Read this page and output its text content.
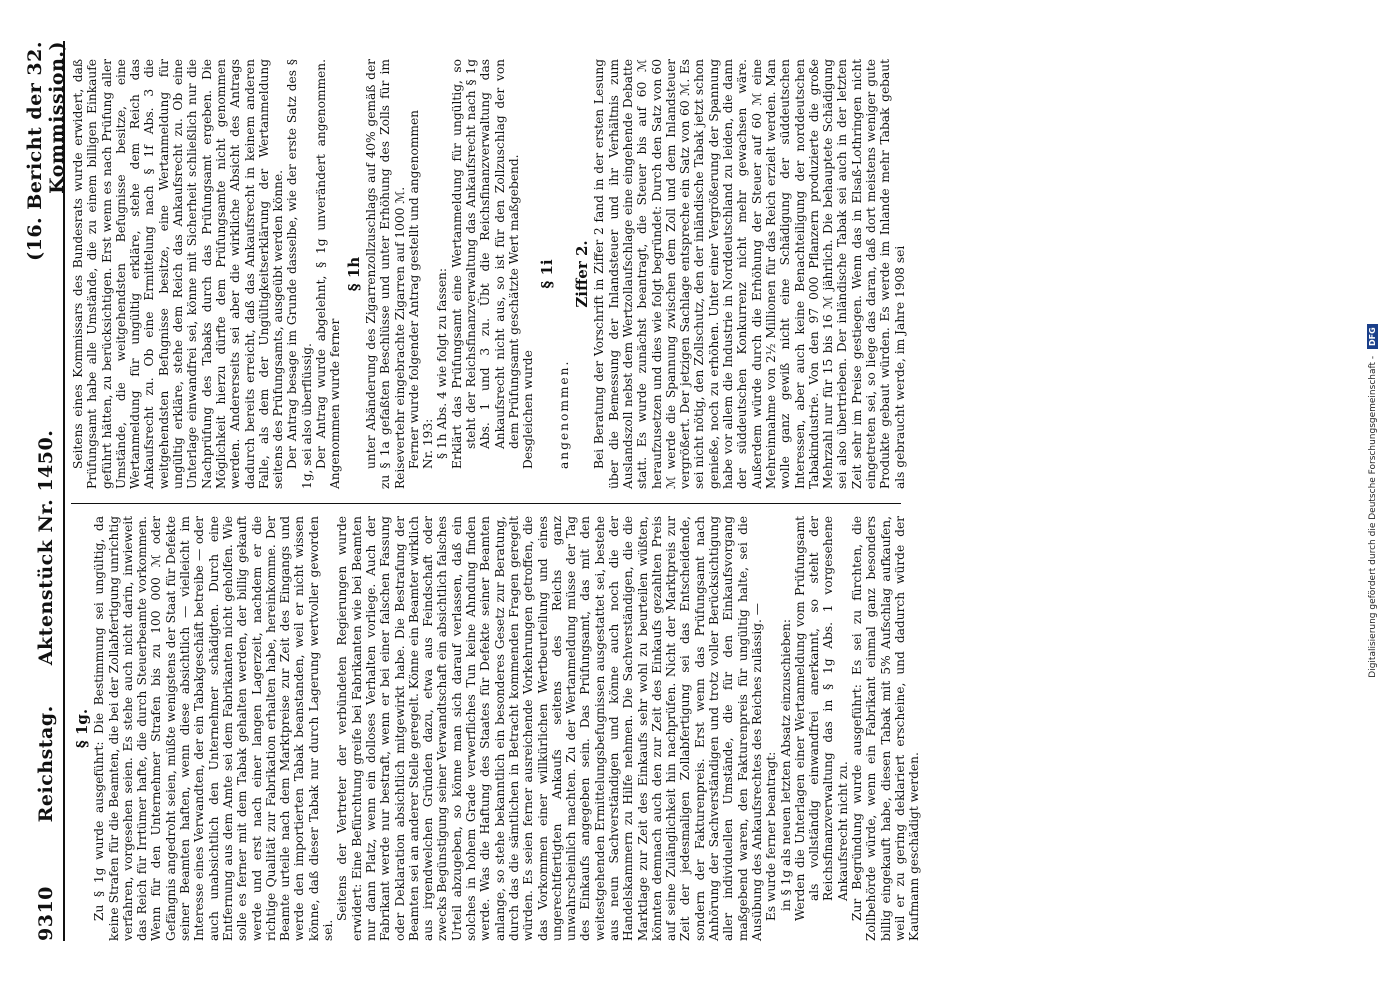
9310
Reichstag.
Aktenstück Nr. 1450.
(16. Bericht der 32. Kommission.)

§ 1g. Zu § 1g wurde ausgeführt: Die Bestimmung sei ungültig, da keine Strafen für die Beamten, die bei der Zollabfertigung unrichtig verfahren, vorgesehen seien. Es stehe auch nicht darin, inwieweit das Reich für Irrtümer hafte, die durch Steuerbeamte vorkommen. Wenn für den Unternehmer Strafen bis zu 100 000 ℳ oder Gefängnis angedroht seien, müßte wenigstens der Staat für Defekte seiner Beamten haften, wenn diese absichtlich — vielleicht im Interesse eines Verwandten, der ein Tabakgeschäft betreibe — oder auch unabsichtlich den Unternehmer schädigten. Durch eine Entfernung aus dem Amte sei dem Fabrikanten nicht geholfen. Wie solle es ferner mit dem Tabak gehalten werden, der billig gekauft werde und erst nach einer langen Lagerzeit, nachdem er die richtige Qualität zur Fabrikation erhalten habe, hereinkomme. Der Beamte urteile nach dem Marktpreise zur Zeit des Eingangs und werde den importierten Tabak beanstanden, weil er nicht wissen könne, daß dieser Tabak nur durch Lagerung wertvoller geworden sei.

Seitens der Vertreter der verbündeten Regierungen wurde erwidert: Eine Befürchtung greife bei Fabrikanten wie bei Beamten nur dann Platz, wenn ein dolloses Verhalten vorliege. Auch der Fabrikant werde nur bestraft, wenn er bei einer falschen Fassung oder Deklaration absichtlich mitgewirkt habe. Die Bestrafung der Beamten sei an anderer Stelle geregelt. Könne ein Beamter wirklich aus irgendwelchen Gründen dazu, etwa aus Feindschaft oder zwecks Begünstigung seiner Verwandtschaft ein absichtlich falsches Urteil abzugeben, so könne man sich darauf verlassen, daß ein solches in hohem Grade verwerfliches Tun keine Ahndung finden werde. Was die Haftung des Staates für Defekte seiner Beamten anlange, so stehe bekanntlich ein besonderes Gesetz zur Beratung, durch das die sämtlichen in Betracht kommenden Fragen geregelt würden. Es seien ferner ausreichende Vorkehrungen getroffen, die das Vorkommen einer willkürlichen Wertbeurteilung und eines ungerechtfertigten Ankaufs seitens des Reichs ganz unwahrscheinlich machten. Zu der Wertanmeldung müsse der Tag des Einkaufs angegeben sein. Das Prüfungsamt, das mit den weitestgehenden Ermittelungsbefugnissen ausgestattet sei, bestehe aus neun Sachverständigen und könne auch noch die der Handelskammern zu Hilfe nehmen. Die Sachverständigen, die die Marktlage zur Zeit des Einkaufs sehr wohl zu beurteilen wüßten, könnten demnach auch den zur Zeit des Einkaufs gezahlten Preis auf seine Zulänglichkeit hin nachprüfen. Nicht der Marktpreis zur Zeit der jedesmaligen Zollabfertigung sei das Entscheidende, sondern der Fakturenpreis. Erst wenn das Prüfungsamt nach Anhörung der Sachverständigen und trotz voller Berücksichtigung aller individuellen Umstände, die für den Einkaufsvorgang maßgebend waren, den Fakturenpreis für ungültig halte, sei die Ausübung des Ankaufsrechtes des Reiches zulässig. — Es wurde ferner beantragt: in § 1g als neuen letzten Absatz einzuschieben: Werden die Unterlagen einer Wertanmeldung vom Prüfungsamt als vollständig einwandfrei anerkannt, so steht der Reichsfinanzverwaltung das in § 1g Abs. 1 vorgesehene Ankaufsrecht nicht zu. Zur Begründung wurde ausgeführt: Es sei zu fürchten, die Zollbehörde würde, wenn ein Fabrikant einmal ganz besonders billig eingekauft habe, diesen Tabak mit 5% Aufschlag aufkaufen, weil er zu gering deklariert erscheine, und dadurch würde der Kaufmann geschädigt werden.

Seitens eines Kommissars des Bundesrats wurde erwidert, daß Prüfungsamt habe alle Umstände, die zu einem billigen Einkaufe geführt hätten, zu berücksichtigen. Erst wenn es nach Prüfung aller Umstände, die weitgehendsten Befugnisse besitze, eine Wertanmeldung für ungültig erkläre, stehe dem Reich das Ankaufsrecht zu. Ob eine Ermittelung nach § 1f Abs. 3 die weitgehendsten Befugnisse besitze, eine Wertanmeldung für ungültig erkläre, stehe dem Reich das Ankaufsrecht zu. Ob eine Unterlage einwandfrei sei, könne mit Sicherheit schließlich nur die Nachprüfung des Tabaks durch das Prüfungsamt ergeben. Die Möglichkeit hierzu dürfte dem Prüfungsamte nicht genommen werden. Andererseits sei aber die wirkliche Absicht des Antrags dadurch bereits erreicht, daß das Ankaufsrecht in keinem anderen Falle, als dem der Ungültigkeitserklärung der Wertanmeldung seitens des Prüfungsamts, ausgeübt werden könne. Der Antrag besage im Grunde dasselbe, wie der erste Satz des § 1g, sei also überflüssig. Der Antrag wurde abgelehnt, § 1g unverändert angenommen. Angenommen wurde ferner

§ 1h unter Abänderung des Zigarrenzollzuschlags auf 40% gemäß der zu § 1a gefaßten Beschlüsse und unter Erhöhung des Zolls für im Reisevertehr eingebrachte Zigarren auf 1000 ℳ. Ferner wurde folgender Antrag gestellt und angenommen Nr. 193: § 1h Abs. 4 wie folgt zu fassen: Erklärt das Prüfungsamt eine Wertanmeldung für ungültig, so steht der Reichsfinanzverwaltung das Ankaufsrecht nach § 1g Abs. 1 und 3 zu. Übt die Reichsfinanzverwaltung das Ankaufsrecht nicht aus, so ist für den Zollzuschlag der von dem Prüfungsamt geschätzte Wert maßgebend. Desgleichen wurde

§ 1i

angenommen.

Ziffer 2. Bei Beratung der Vorschrift in Ziffer 2 fand in der ersten Lesung über die Bemessung der Inlandsteuer und ihr Verhältnis zum Auslandszoll nebst dem Wertzollaufschlage eine eingehende Debatte statt. Es wurde zunächst beantragt, die Steuer bis auf 60 ℳ heraufzusetzen und dies wie folgt begründet: Durch den Satz von 60 ℳ werde die Spannung zwischen dem Zoll und dem Inlandsteuer vergrößert. Der jetzigen Sachlage entspreche ein Satz von 60 ℳ. Es sei nicht nötig, den Zollschutz, den der inländische Tabak jetzt schon genieße, noch zu erhöhen. Unter einer Vergrößerung der Spannung habe vor allem die Industrie in Norddeutschland zu leiden, die dann der süddeutschen Konkurrenz nicht mehr gewachsen wäre. Außerdem würde durch die Erhöhung der Steuer auf 60 ℳ eine Mehreinnahme von 2½ Millionen für das Reich erzielt werden. Man wolle ganz gewiß nicht eine Schädigung der süddeutschen Interessen, aber auch keine Benachteiligung der norddeutschen Tabakindustrie. Von den 97 000 Pflanzern produzierte die große Mehrzahl nur für 15 bis 16 ℳ jährlich. Die behauptete Schädigung sei also übertrieben. Der inländische Tabak sei auch in der letzten Zeit sehr im Preise gestiegen. Wenn das in Elsaß-Lothringen nicht eingetreten sei, so liege das daran, daß dort meistens weniger gute Produkte gebaut würden. Es werde im Inlande mehr Tabak gebaut als gebraucht werde, im Jahre 1908 sei	Digitalisierung gefördert durch die Deutsche Forschungsgemeinschaft - DFG
